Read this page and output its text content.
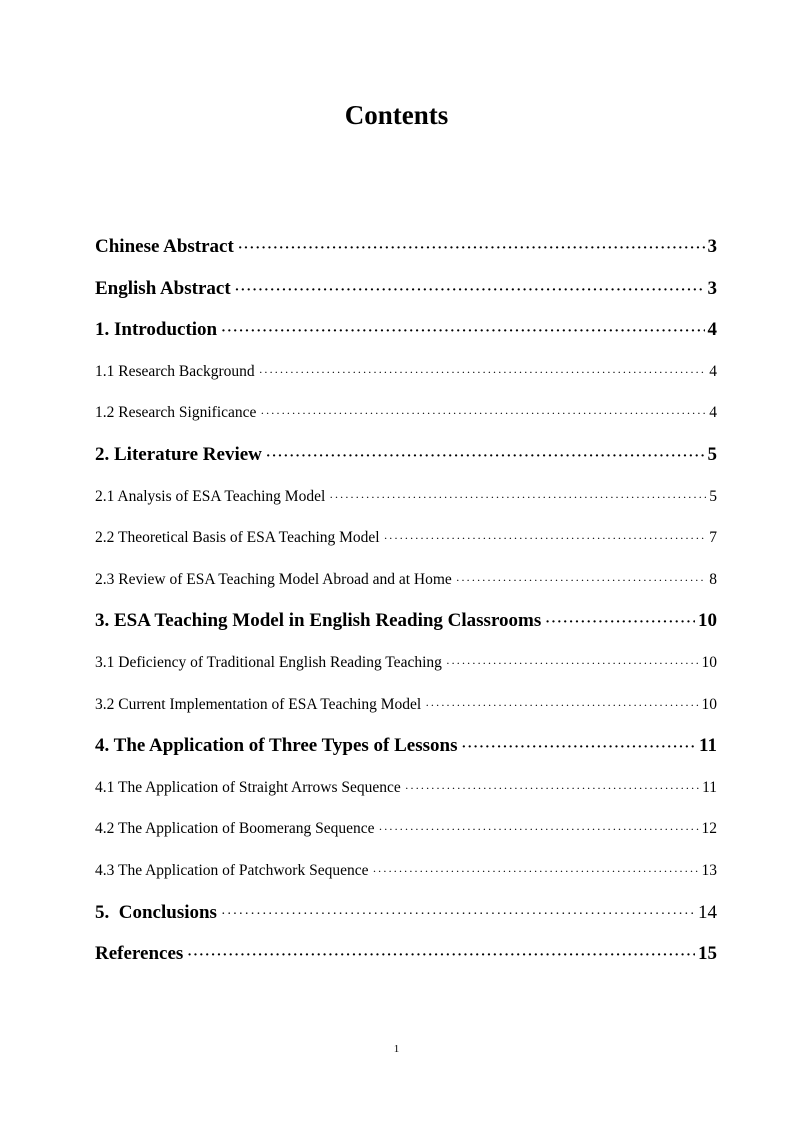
Contents
Chinese Abstract ·····	3
English Abstract ·····	3
1. Introduction ·····	4
1.1 Research Background ·····	4
1.2 Research Significance ·····	4
2. Literature Review ·····	5
2.1 Analysis of ESA Teaching Model ·····	5
2.2 Theoretical Basis of ESA Teaching Model ·····	7
2.3 Review of ESA Teaching Model Abroad and at Home ·····	8
3. ESA Teaching Model in English Reading Classrooms ·····	10
3.1 Deficiency of Traditional English Reading Teaching ·····	10
3.2 Current Implementation of ESA Teaching Model ·····	10
4. The Application of Three Types of Lessons ·····	11
4.1 The Application of Straight Arrows Sequence ·····	11
4.2 The Application of Boomerang Sequence ·····	12
4.3 The Application of Patchwork Sequence ·····	13
5.  Conclusions ·····	14
References ·····	15
1
